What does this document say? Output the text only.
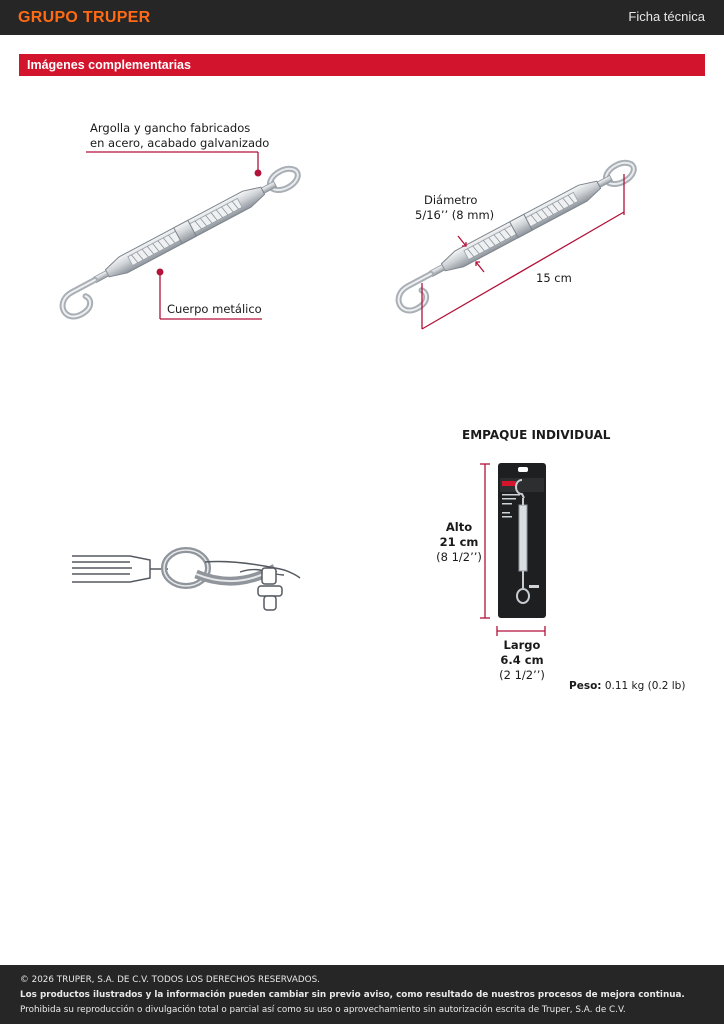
GRUPO TRUPER	Ficha técnica
Imágenes complementarias
Argolla y gancho fabricados
en acero, acabado galvanizado
Cuerpo metálico
Diámetro
5/16’’ (8 mm)
15 cm
EMPAQUE INDIVIDUAL
Alto
21 cm
(8 1/2’’)
Largo
6.4 cm
(2 1/2’’)
Peso: 0.11 kg (0.2 lb)
© 2026 TRUPER, S.A. DE C.V. TODOS LOS DERECHOS RESERVADOS.
Los productos ilustrados y la información pueden cambiar sin previo aviso, como resultado de nuestros procesos de mejora continua.
Prohibida su reproducción o divulgación total o parcial así como su uso o aprovechamiento sin autorización escrita de Truper, S.A. de C.V.
